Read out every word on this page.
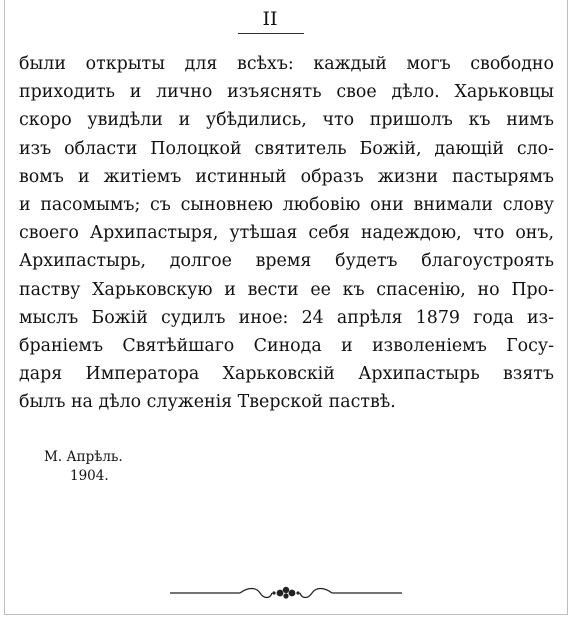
II
были открыты для всѣхъ: каждый могъ свободно
приходить и лично изъяснять свое дѣло. Харьковцы
скоро увидѣли и убѣдились, что пришолъ къ нимъ
изъ области Полоцкой святитель Божій, дающій сло-
вомъ и житіемъ истинный образъ жизни пастырямъ
и пасомымъ; съ сыновнею любовію они внимали слову
своего Архипастыря, утѣшая себя надеждою, что онъ,
Архипастырь, долгое время будетъ благоустроять
паству Харьковскую и вести ее къ спасенію, но Про-
мыслъ Божій судилъ иное: 24 апрѣля 1879 года из-
бранiемъ Святѣйшаго Синода и изволенiемъ Госу-
даря Императора Харьковскій Архипастырь взятъ
былъ на дѣло служенія Тверской паствѣ.
М. Апрѣль.
1904.
